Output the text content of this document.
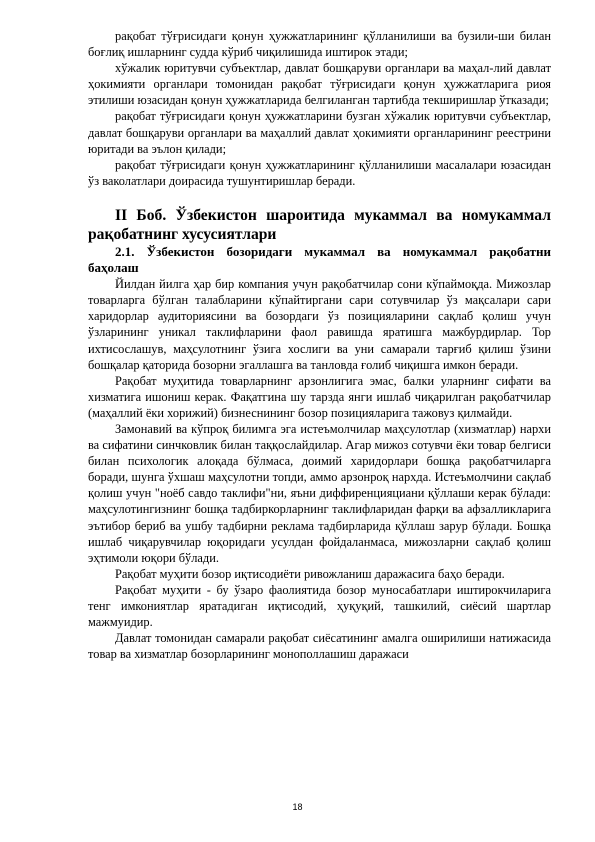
рақобат тўғрисидаги қонун ҳужжатларининг қўлланилиши ва бузили-ши билан боғлиқ ишларнинг судда кўриб чиқилишида иштирок этади;

хўжалик юритувчи субъектлар, давлат бошқаруви органлари ва маҳал-лий давлат ҳокимияти органлари томонидан рақобат тўғрисидаги қонун ҳужжатларига риоя этилиши юзасидан қонун ҳужжатларида белгиланган тартибда текширишлар ўтказади;

рақобат тўғрисидаги қонун ҳужжатларини бузган хўжалик юритувчи субъектлар, давлат бошқаруви органлари ва маҳаллий давлат ҳокимияти органларининг реестрини юритади ва эълон қилади;

рақобат тўғрисидаги қонун ҳужжатларининг қўлланилиши масалалари юзасидан ўз ваколатлари доирасида тушунтиришлар беради.

II Боб. Ўзбекистон шароитида мукаммал ва номукаммал рақобатнинг хусусиятлари

2.1. Ўзбекистон бозоридаги мукаммал ва номукаммал рақобатни баҳолаш

Йилдан йилга ҳар бир компания учун рақобатчилар сони кўпаймоқда. Мижозлар товарларга бўлган талабларини кўпайтиргани сари сотувчилар ўз мақсалари сари харидорлар аудиториясини ва бозордаги ўз позицияларини сақлаб қолиш учун ўзларининг уникал таклифларини фаол равишда яратишга мажбурдирлар. Тор ихтисослашув, маҳсулотнинг ўзига хослиги ва уни самарали тарғиб қилиш ўзини бошқалар қаторида бозорни эгаллашга ва танловда ғолиб чиқишга имкон беради.

Рақобат муҳитида товарларнинг арзонлигига эмас, балки уларнинг сифати ва хизматига ишониш керак. Фақатгина шу тарзда янги ишлаб чиқарилган рақобатчилар (маҳаллий ёки хорижий) бизнеснининг бозор позицияларига тажовуз қилмайди.

Замонавий ва кўпроқ билимга эга истеъмолчилар маҳсулотлар (хизматлар) нархи ва сифатини синчковлик билан таққослайдилар. Агар мижоз сотувчи ёки товар белгиси билан психологик алоқада бўлмаса, доимий харидорлари бошқа рақобатчиларга боради, шунга ўхшаш маҳсулотни топди, аммо арзонроқ нархда. Истеъмолчини сақлаб қолиш учун "ноёб савдо таклифи"ни, яъни диффиренцияциани қўллаши керак бўлади: маҳсулотингизнинг бошқа тадбиркорларнинг таклифларидан фарқи ва афзалликларига эътибор бериб ва ушбу тадбирни реклама тадбирларида қўллаш зарур бўлади. Бошқа ишлаб чиқарувчилар юқоридаги усулдан фойдаланмаса, мижозларни сақлаб қолиш эҳтимоли юқори бўлади.

Рақобат муҳити бозор иқтисодиёти ривожланиш даражасига баҳо беради.

Рақобат муҳити - бу ўзаро фаолиятида бозор муносабатлари иштирокчиларига тенг имкониятлар яратадиган иқтисодий, ҳуқуқий, ташкилий, сиёсий шартлар мажмуидир.

Давлат томонидан самарали рақобат сиёсатининг амалга оширилиши натижасида товар ва хизматлар бозорларининг монополлашиш даражаси

18
